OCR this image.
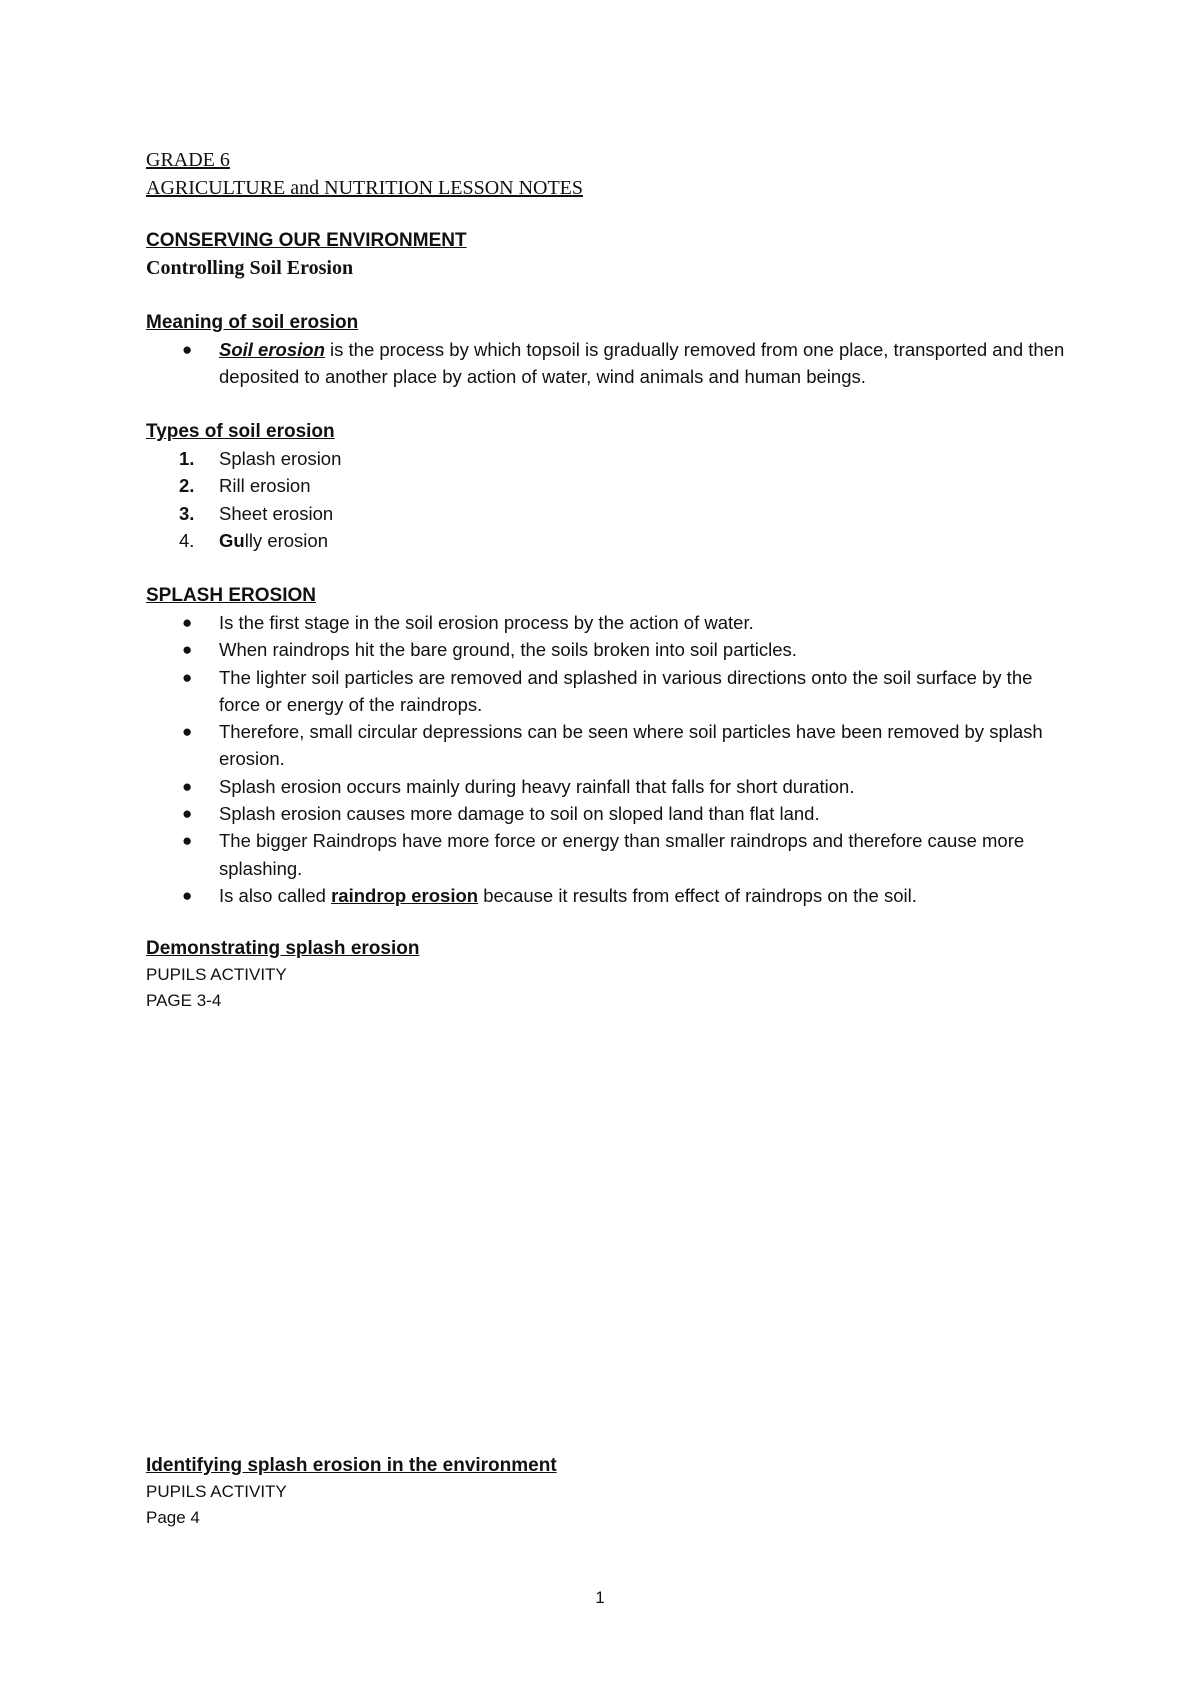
GRADE 6
AGRICULTURE and NUTRITION LESSON NOTES
CONSERVING OUR ENVIRONMENT
Controlling Soil Erosion
Meaning of soil erosion
● Soil erosion is the process by which topsoil is gradually removed from one place, transported and then deposited to another place by action of water, wind animals and human beings.
Types of soil erosion
1. Splash erosion
2. Rill erosion
3. Sheet erosion
4. Gully erosion
SPLASH EROSION
● Is the first stage in the soil erosion process by the action of water.
● When raindrops hit the bare ground, the soils broken into soil particles.
● The lighter soil particles are removed and splashed in various directions onto the soil surface by the force or energy of the raindrops.
● Therefore, small circular depressions can be seen where soil particles have been removed by splash erosion.
● Splash erosion occurs mainly during heavy rainfall that falls for short duration.
● Splash erosion causes more damage to soil on sloped land than flat land.
● The bigger Raindrops have more force or energy than smaller raindrops and therefore cause more splashing.
● Is also called raindrop erosion because it results from effect of raindrops on the soil.
Demonstrating splash erosion
PUPILS ACTIVITY
PAGE 3-4
Identifying splash erosion in the environment
PUPILS ACTIVITY
Page 4
1
